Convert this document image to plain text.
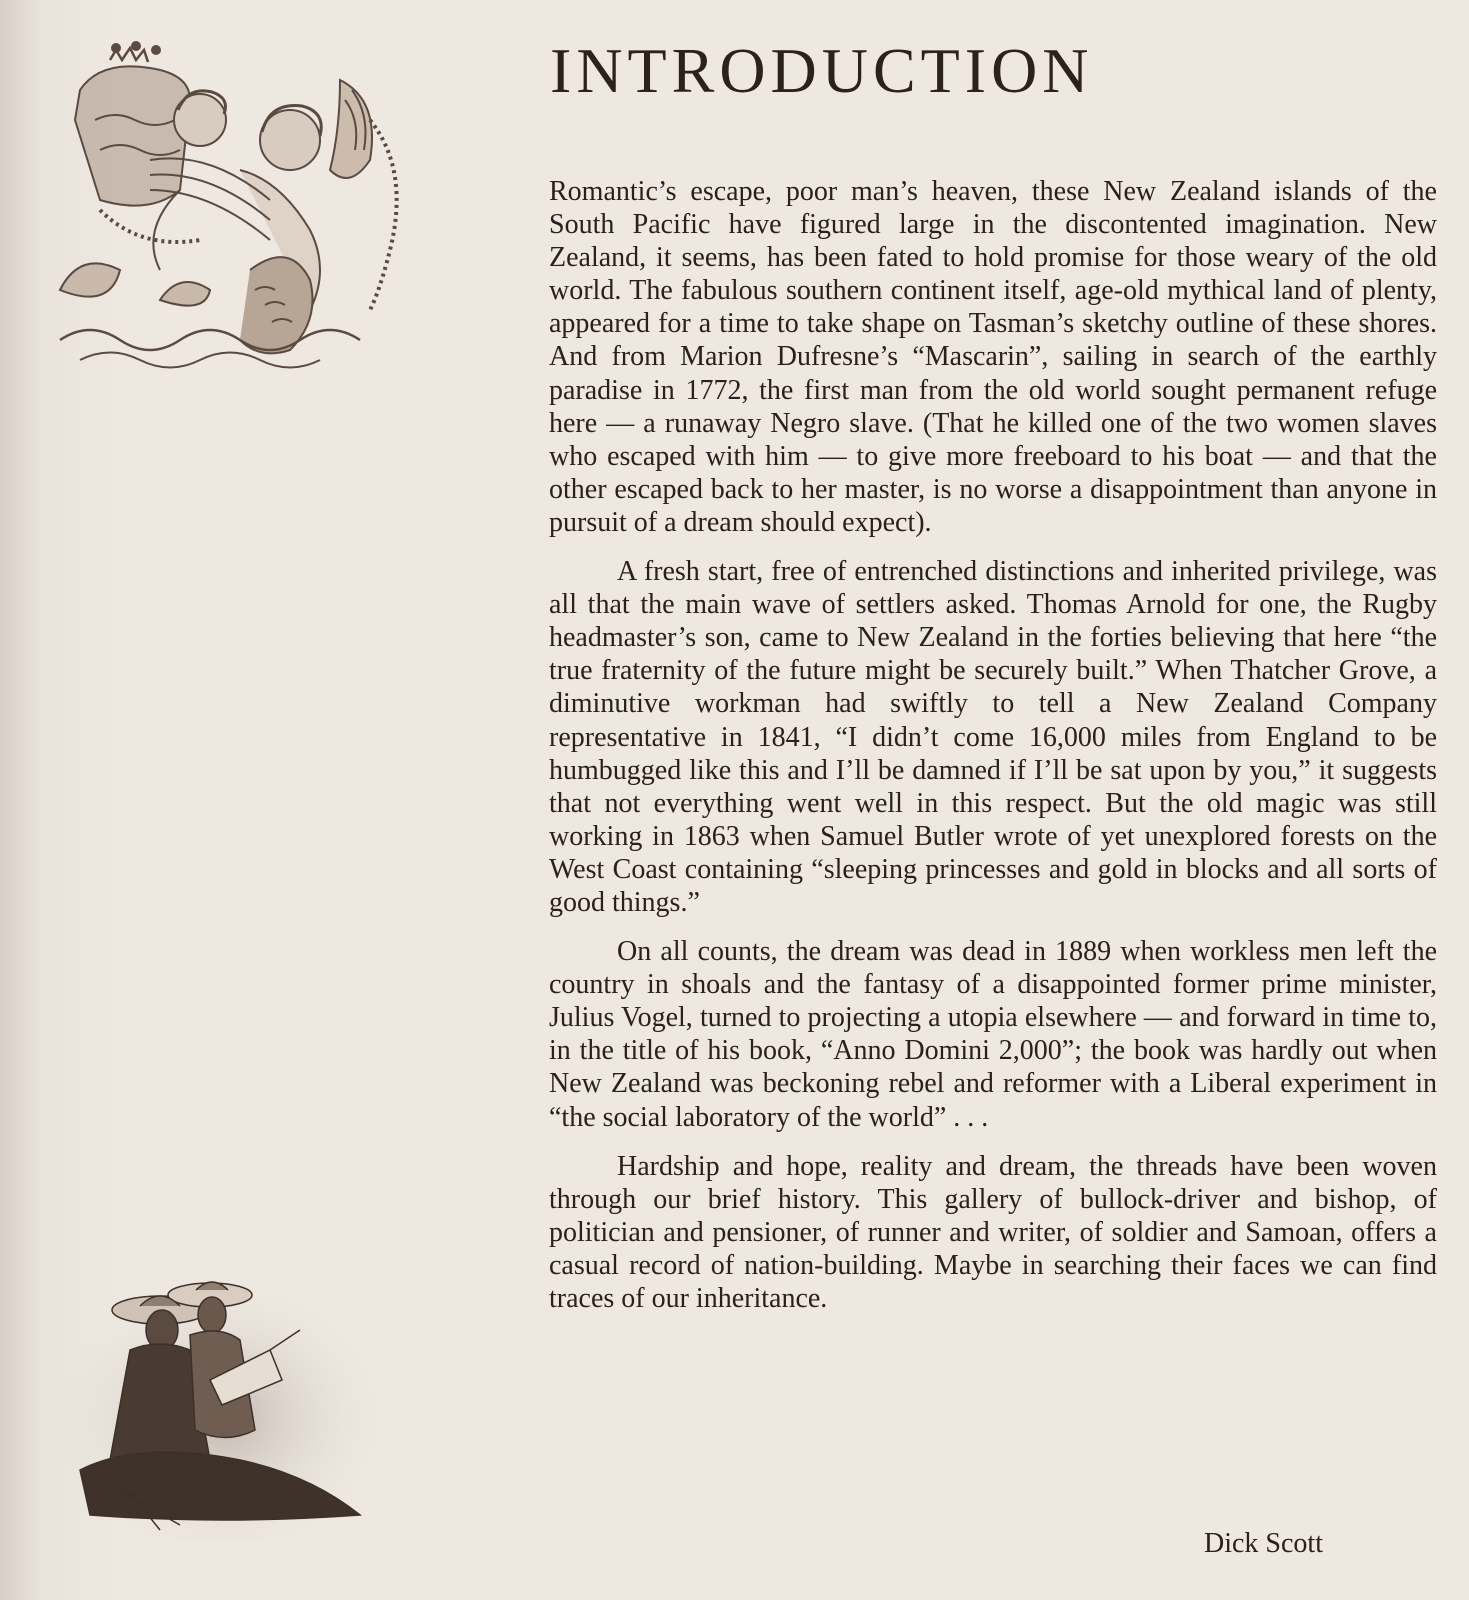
INTRODUCTION

Romantic’s escape, poor man’s heaven, these New Zealand islands of the South Pacific have figured large in the discontented imagination. New Zealand, it seems, has been fated to hold promise for those weary of the old world. The fabulous southern continent itself, age-old mythical land of plenty, appeared for a time to take shape on Tasman’s sketchy outline of these shores. And from Marion Dufresne’s “Mascarin”, sailing in search of the earthly paradise in 1772, the first man from the old world sought permanent refuge here — a runaway Negro slave. (That he killed one of the two women slaves who escaped with him — to give more freeboard to his boat — and that the other escaped back to her master, is no worse a disappointment than anyone in pursuit of a dream should expect).

A fresh start, free of entrenched distinctions and inherited privilege, was all that the main wave of settlers asked. Thomas Arnold for one, the Rugby headmaster’s son, came to New Zealand in the forties believing that here “the true fraternity of the future might be securely built.” When Thatcher Grove, a diminutive workman had swiftly to tell a New Zealand Company representative in 1841, “I didn’t come 16,000 miles from England to be humbugged like this and I’ll be damned if I’ll be sat upon by you,” it suggests that not everything went well in this respect. But the old magic was still working in 1863 when Samuel Butler wrote of yet unexplored forests on the West Coast containing “sleeping princesses and gold in blocks and all sorts of good things.”

On all counts, the dream was dead in 1889 when workless men left the country in shoals and the fantasy of a disappointed former prime minister, Julius Vogel, turned to projecting a utopia elsewhere — and forward in time to, in the title of his book, “Anno Domini 2,000”; the book was hardly out when New Zealand was beckoning rebel and reformer with a Liberal experiment in “the social laboratory of the world” . . .

Hardship and hope, reality and dream, the threads have been woven through our brief history. This gallery of bullock-driver and bishop, of politician and pensioner, of runner and writer, of soldier and Samoan, offers a casual record of nation-building. Maybe in searching their faces we can find traces of our inheritance.

Dick Scott
